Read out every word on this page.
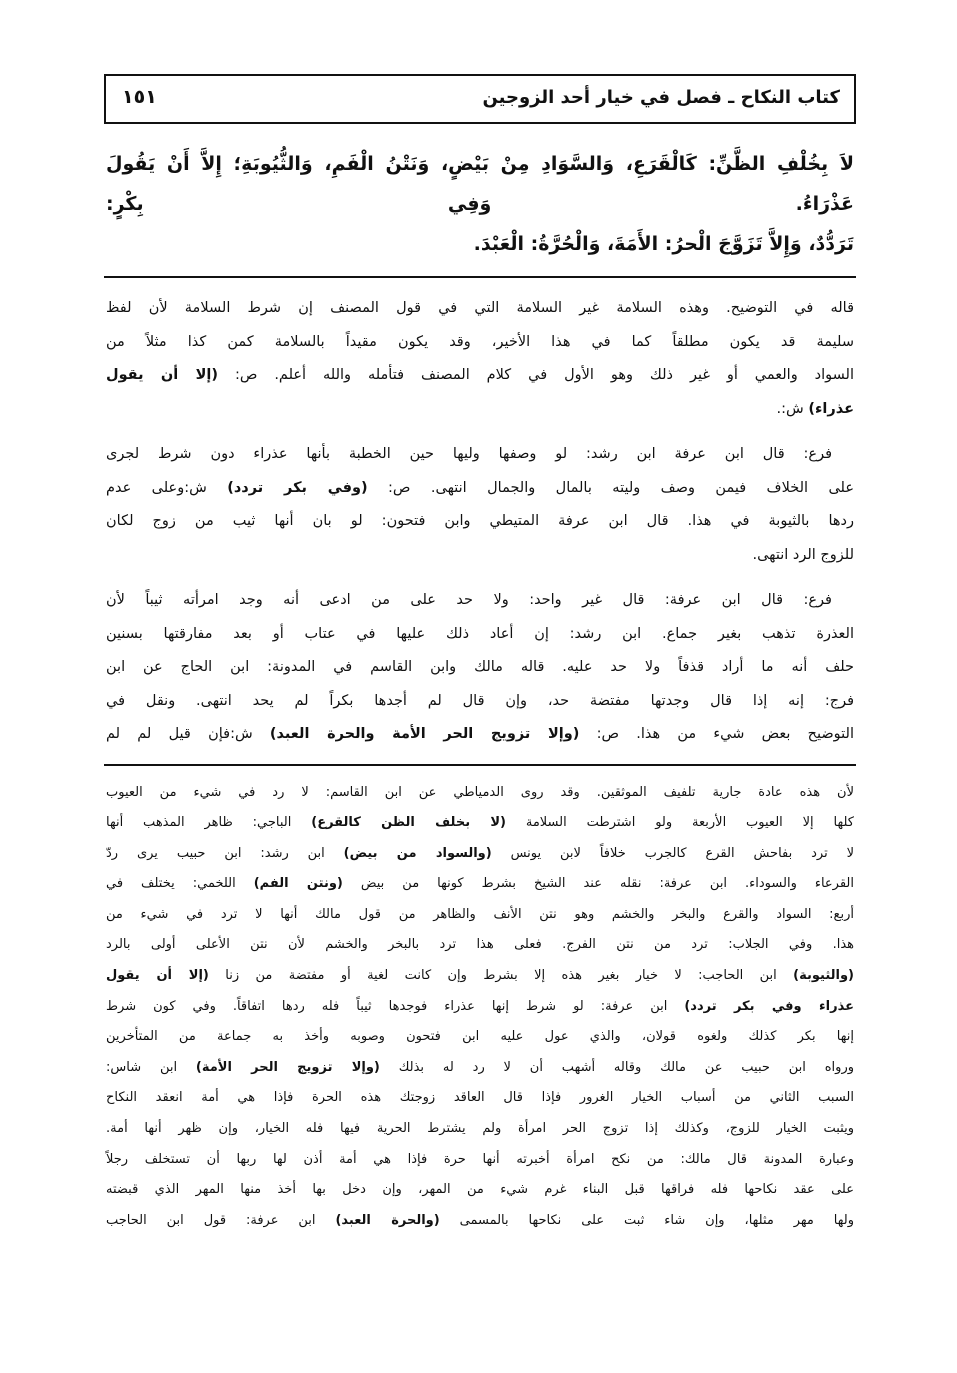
كتاب النكاح ـ فصل في خيار أحد الزوجين
١٥١
لاَ بِخُلْفِ الظَّنِّ: كَالْقَرَعِ، وَالسَّوَادِ مِنْ بَيْضٍ، وَنَتْنُ الْفَمِ، وَالثُّيُوبَةِ؛ إِلاَّ أَنْ يَقُولَ عَذْرَاءُ. وَفِي بِكْرٍ:
تَرَدُّدٌ، وَإِلاَّ تَزَوَّجَ الْحرُ: الأَمَةَ، وَالْحُرَّةُ: الْعَبْدَ.
قاله في التوضيح. وهذه السلامة غير السلامة التي في قول المصنف إن شرط السلامة لأن لفظ
سليمة قد يكون مطلقاً كما في هذا الأخير، وقد يكون مقيداً بالسلامة كمن كذا مثلاً من
السواد والعمي أو غير ذلك وهو الأول في كلام المصنف فتأمله والله أعلم. ص: (إلا أن يقول
عذراء) ش:.
فرع: قال ابن عرفة ابن رشد: لو وصفها وليها حين الخطبة بأنها عذراء دون شرط لجرى
على الخلاف فيمن وصف وليته بالمال والجمال انتهى. ص: (وفي بكر تردد) ش:وعلى عدم
ردها بالثيوبة في هذا. قال ابن عرفة المتيطي وابن فتحون: لو بان أنها ثيب من زوج لكان
للزوج الرد انتهى.
فرع: قال ابن عرفة: قال غير واحد: ولا حد على من ادعى أنه وجد امرأته ثيباً لأن
العذرة تذهب بغير جماع. ابن رشد: إن أعاد ذلك عليها في عتاب أو بعد مفارقتها بسنين
حلف أنه ما أراد قذفاً ولا حد عليه. قاله مالك وابن القاسم في المدونة: ابن الحاج عن ابن
فرج: إنه إذا قال وجدتها مفتضة حد، وإن قال لم أجدها بكراً لم يحد انتهى. ونقل في
التوضيح بعض شيء من هذا. ص: (وإلا تزويج الحر الأمة والحرة العبد) ش:فإن قيل لم لم
لأن هذه عادة جارية تلفيف الموثقين. وقد روى الدمياطي عن ابن القاسم: لا رد في شيء من العيوب
كلها إلا العيوب الأربعة ولو اشترطت السلامة (لا بخلف الظن كالقرع) الباجي: ظاهر المذهب أنها
لا ترد بفاحش القرع كالجرب خلافاً لابن يونس (والسواد من بيض) ابن رشد: ابن حبيب يرى ردّ
القرعاء والسوداء. ابن عرفة: نقله عند الشيخ بشرط كونها من بيض (ونتن الفم) اللخمي: يختلف في
أربع: السواد والقرع والبخر والخشم وهو نتن الأنف والظاهر من قول مالك أنها لا ترد في شيء من
هذا. وفي الجلاب: ترد من نتن الفرج. فعلى هذا ترد بالبخر والخشم لأن نتن الأعلى أولى بالرد
(والثيوبة) ابن الحاجب: لا خيار بغير هذه إلا بشرط وإن كانت لغية أو مفتضة من زنا (إلا أن يقول
عذراء وفي بكر تردد) ابن عرفة: لو شرط إنها عذراء فوجدها ثيباً فله ردها اتفاقاً. وفي كون شرط
إنها بكر كذلك ولغوه قولان، والذي عول عليه ابن فتحون وصوبه وأخذ به جماعة من المتأخرين
ورواه ابن حبيب عن مالك وقاله أشهب أن لا رد له بذلك (وإلا تزويج الحر الأمة) ابن شاس:
السبب الثاني من أسباب الخيار الغرور فإذا قال العاقد زوجتك هذه الحرة فإذا هي أمة انعقد النكاح
ويثبت الخيار للزوج، وكذلك إذا تزوج الحر امرأة ولم يشترط الحرية فيها فله الخيار، وإن ظهر أنها أمة.
وعبارة المدونة قال مالك: من نكح امرأة أخبرته أنها حرة فإذا هي أمة أذن لها ربها أن تستخلف رجلاً
على عقد نكاحها فله فراقها قبل البناء غرم شيء من المهر، وإن دخل بها أخذ منها المهر الذي قبضته
ولها مهر مثلها، وإن شاء ثبت على نكاحها بالمسمى (والحرة العبد) ابن عرفة: قول ابن الحاجب
